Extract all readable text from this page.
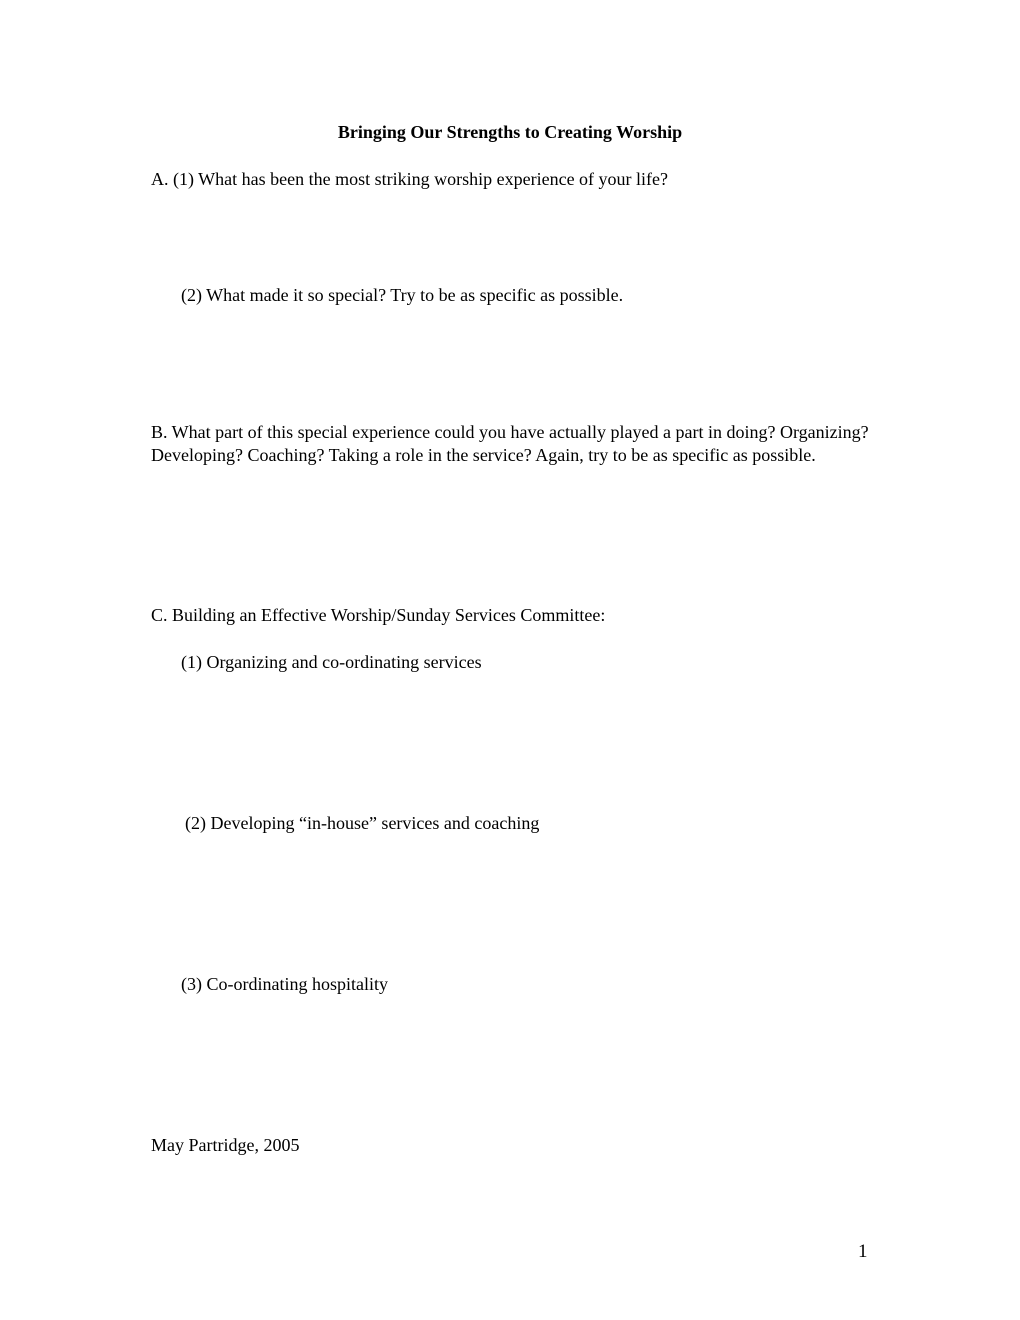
Bringing Our Strengths to Creating Worship
A. (1) What has been the most striking worship experience of your life?
(2) What made it so special? Try to be as specific as possible.
B. What part of this special experience could you have actually played a part in doing? Organizing? Developing? Coaching? Taking a role in the service? Again, try to be as specific as possible.
C. Building an Effective Worship/Sunday Services Committee:
(1) Organizing and co-ordinating services
(2) Developing “in-house” services and coaching
(3) Co-ordinating hospitality
May Partridge, 2005
1
